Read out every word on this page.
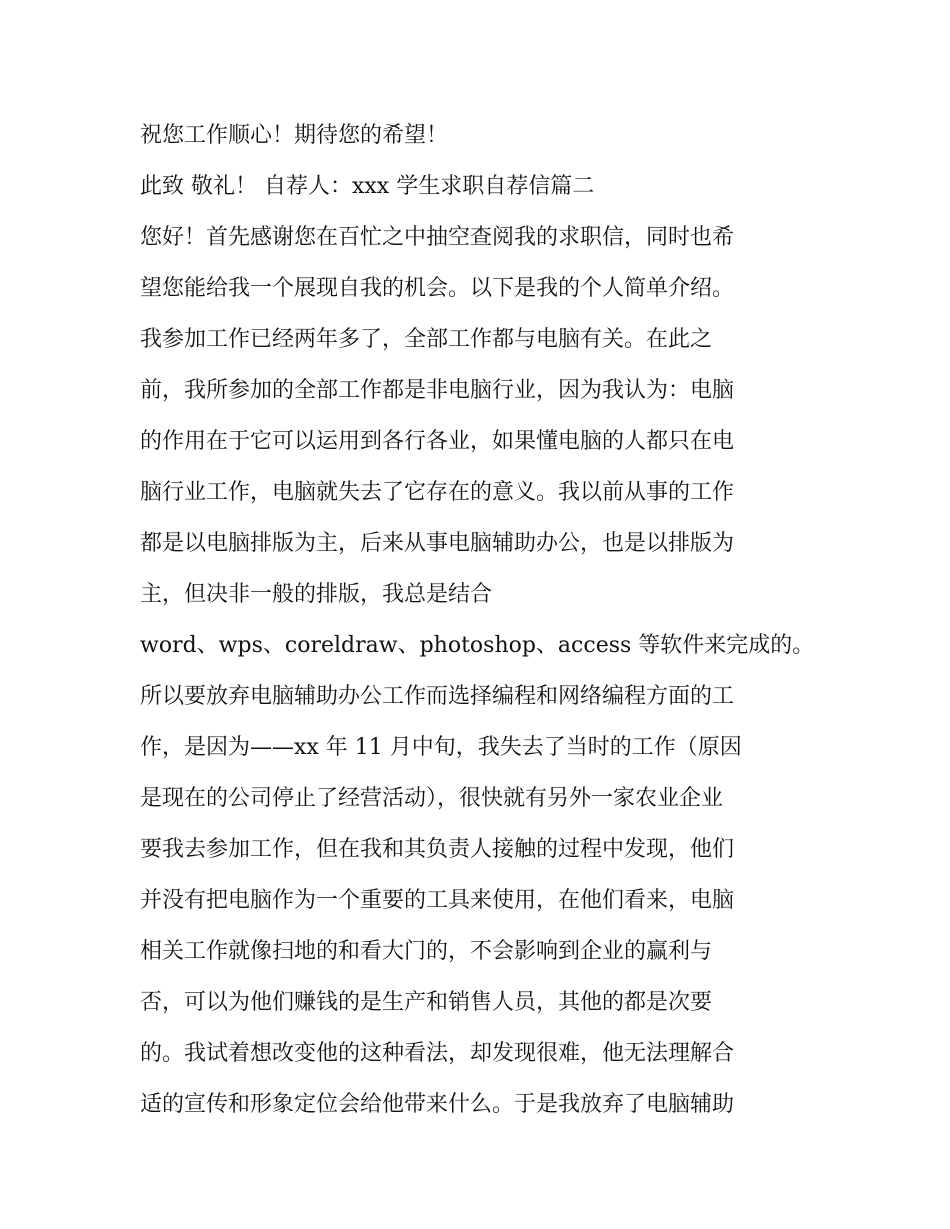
祝您工作顺心！期待您的希望！
此致 敬礼！ 自荐人：xxx 学生求职自荐信篇二
您好！首先感谢您在百忙之中抽空查阅我的求职信，同时也希
望您能给我一个展现自我的机会。以下是我的个人简单介绍。
我参加工作已经两年多了，全部工作都与电脑有关。在此之
前，我所参加的全部工作都是非电脑行业，因为我认为：电脑
的作用在于它可以运用到各行各业，如果懂电脑的人都只在电
脑行业工作，电脑就失去了它存在的意义。我以前从事的工作
都是以电脑排版为主，后来从事电脑辅助办公，也是以排版为
主，但决非一般的排版，我总是结合
word、wps、coreldraw、photoshop、access 等软件来完成的。
所以要放弃电脑辅助办公工作而选择编程和网络编程方面的工
作，是因为——xx 年 11 月中旬，我失去了当时的工作（原因
是现在的公司停止了经营活动），很快就有另外一家农业企业
要我去参加工作，但在我和其负责人接触的过程中发现，他们
并没有把电脑作为一个重要的工具来使用，在他们看来，电脑
相关工作就像扫地的和看大门的，不会影响到企业的赢利与
否，可以为他们赚钱的是生产和销售人员，其他的都是次要
的。我试着想改变他的这种看法，却发现很难，他无法理解合
适的宣传和形象定位会给他带来什么。于是我放弃了电脑辅助
